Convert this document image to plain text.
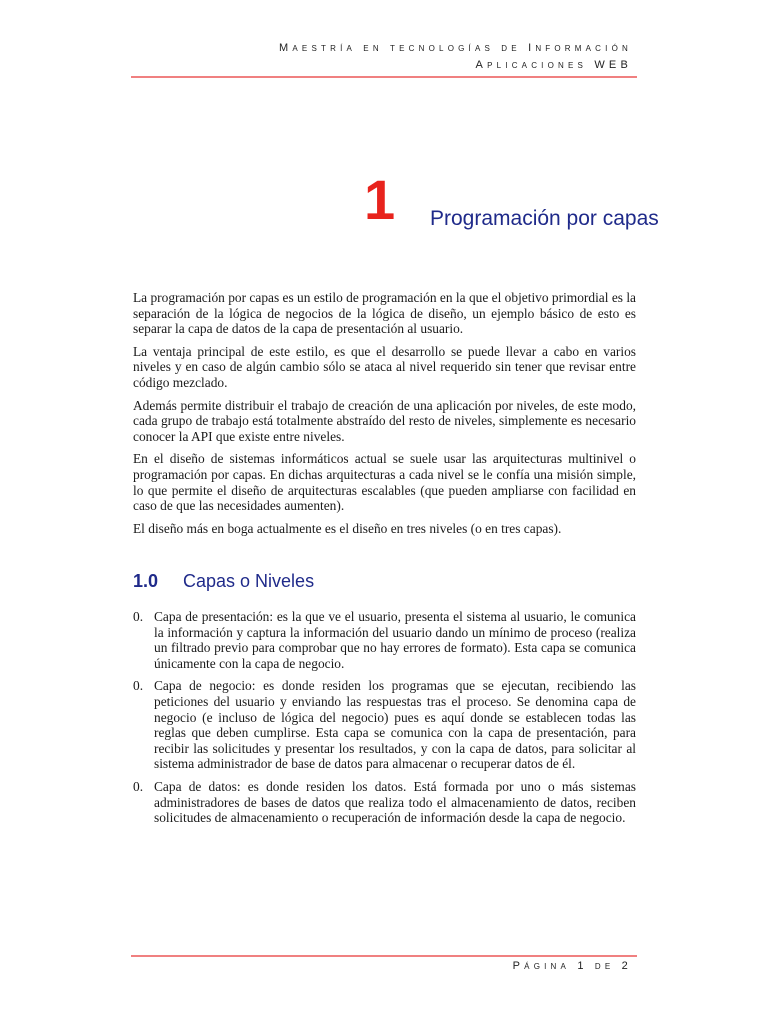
Maestría en tecnologías de Información
Aplicaciones WEB
1 Programación por capas

La programación por capas es un estilo de programación en la que el objetivo primordial es la separación de la lógica de negocios de la lógica de diseño, un ejemplo básico de esto es separar la capa de datos de la capa de presentación al usuario.

La ventaja principal de este estilo, es que el desarrollo se puede llevar a cabo en varios niveles y en caso de algún cambio sólo se ataca al nivel requerido sin tener que revisar entre código mezclado.

Además permite distribuir el trabajo de creación de una aplicación por niveles, de este modo, cada grupo de trabajo está totalmente abstraído del resto de niveles, simplemente es necesario conocer la API que existe entre niveles.

En el diseño de sistemas informáticos actual se suele usar las arquitecturas multinivel o programación por capas. En dichas arquitecturas a cada nivel se le confía una misión simple, lo que permite el diseño de arquitecturas escalables (que pueden ampliarse con facilidad en caso de que las necesidades aumenten).

El diseño más en boga actualmente es el diseño en tres niveles (o en tres capas).

1.0 Capas o Niveles
0. Capa de presentación: es la que ve el usuario, presenta el sistema al usuario, le comunica la información y captura la información del usuario dando un mínimo de proceso (realiza un filtrado previo para comprobar que no hay errores de formato). Esta capa se comunica únicamente con la capa de negocio.
0. Capa de negocio: es donde residen los programas que se ejecutan, recibiendo las peticiones del usuario y enviando las respuestas tras el proceso. Se denomina capa de negocio (e incluso de lógica del negocio) pues es aquí donde se establecen todas las reglas que deben cumplirse. Esta capa se comunica con la capa de presentación, para recibir las solicitudes y presentar los resultados, y con la capa de datos, para solicitar al sistema administrador de base de datos para almacenar o recuperar datos de él.
0. Capa de datos: es donde residen los datos. Está formada por uno o más sistemas administradores de bases de datos que realiza todo el almacenamiento de datos, reciben solicitudes de almacenamiento o recuperación de información desde la capa de negocio.
Página 1 de 2
